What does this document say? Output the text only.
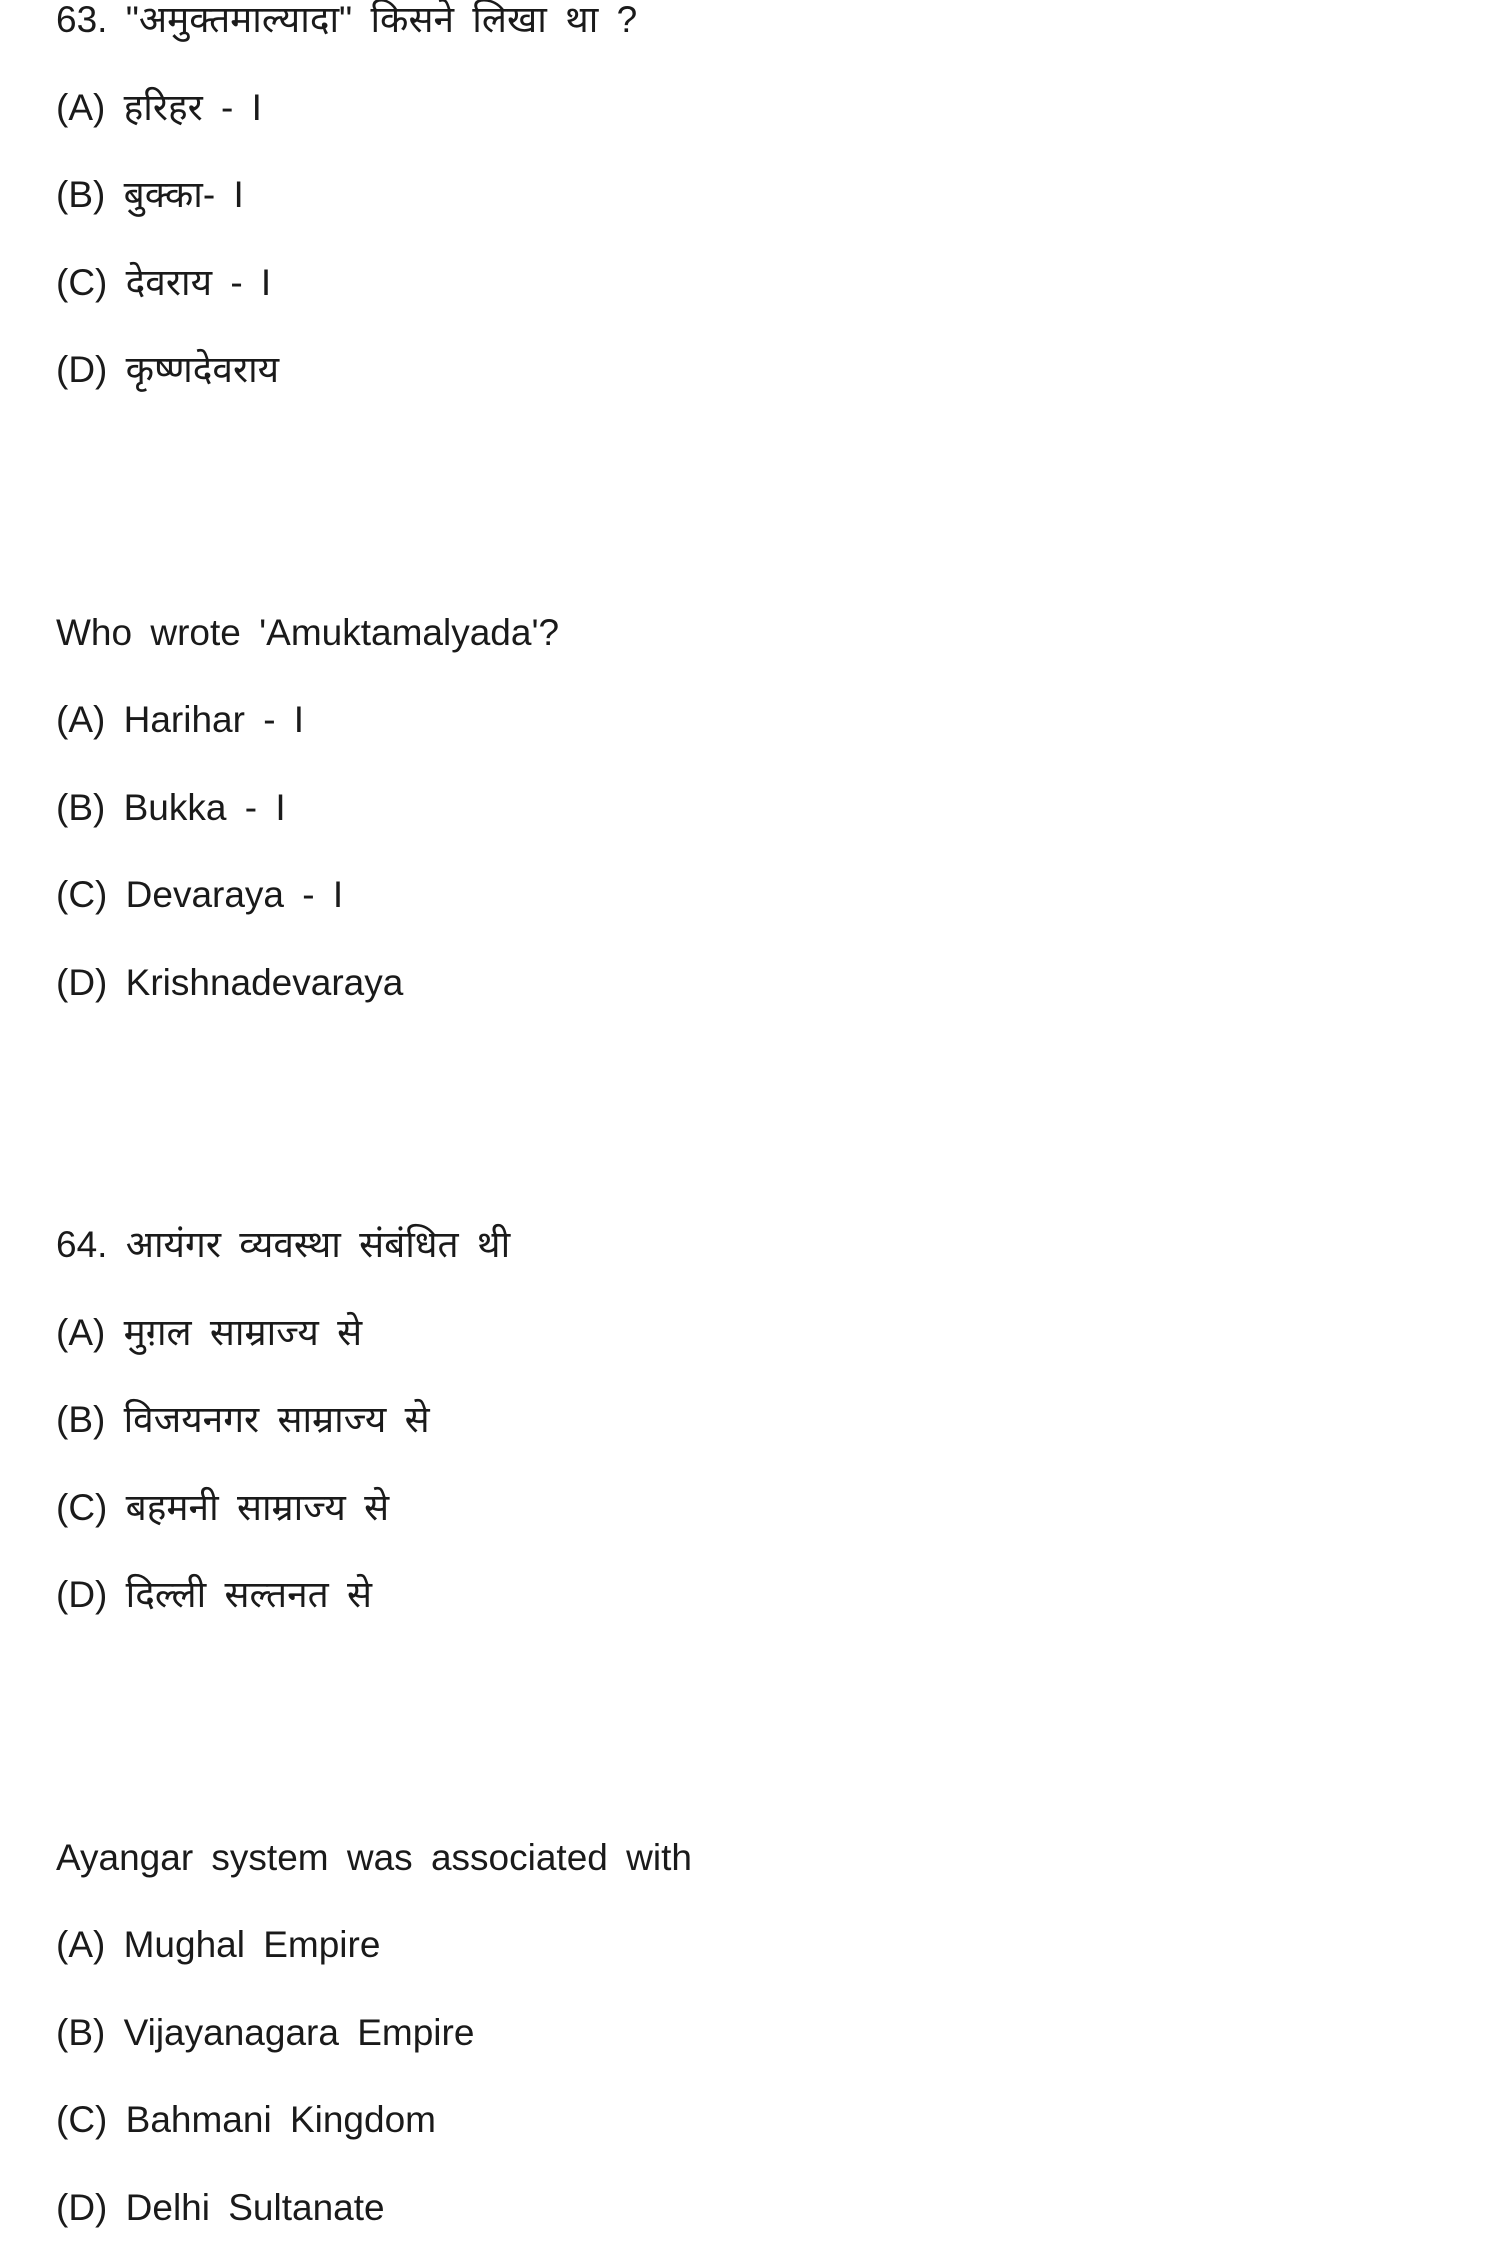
63. "अमुक्तमाल्यादा" किसने लिखा था ?
(A) हरिहर - I
(B) बुक्का- I
(C) देवराय - I
(D) कृष्णदेवराय
Who wrote 'Amuktamalyada'?
(A) Harihar - I
(B) Bukka - I
(C) Devaraya - I
(D) Krishnadevaraya
64. आयंगर व्यवस्था संबंधित थी
(A) मुग़ल साम्राज्य से
(B) विजयनगर साम्राज्य से
(C) बहमनी साम्राज्य से
(D) दिल्ली सल्तनत से
Ayangar system was associated with
(A) Mughal Empire
(B) Vijayanagara Empire
(C) Bahmani Kingdom
(D) Delhi Sultanate
